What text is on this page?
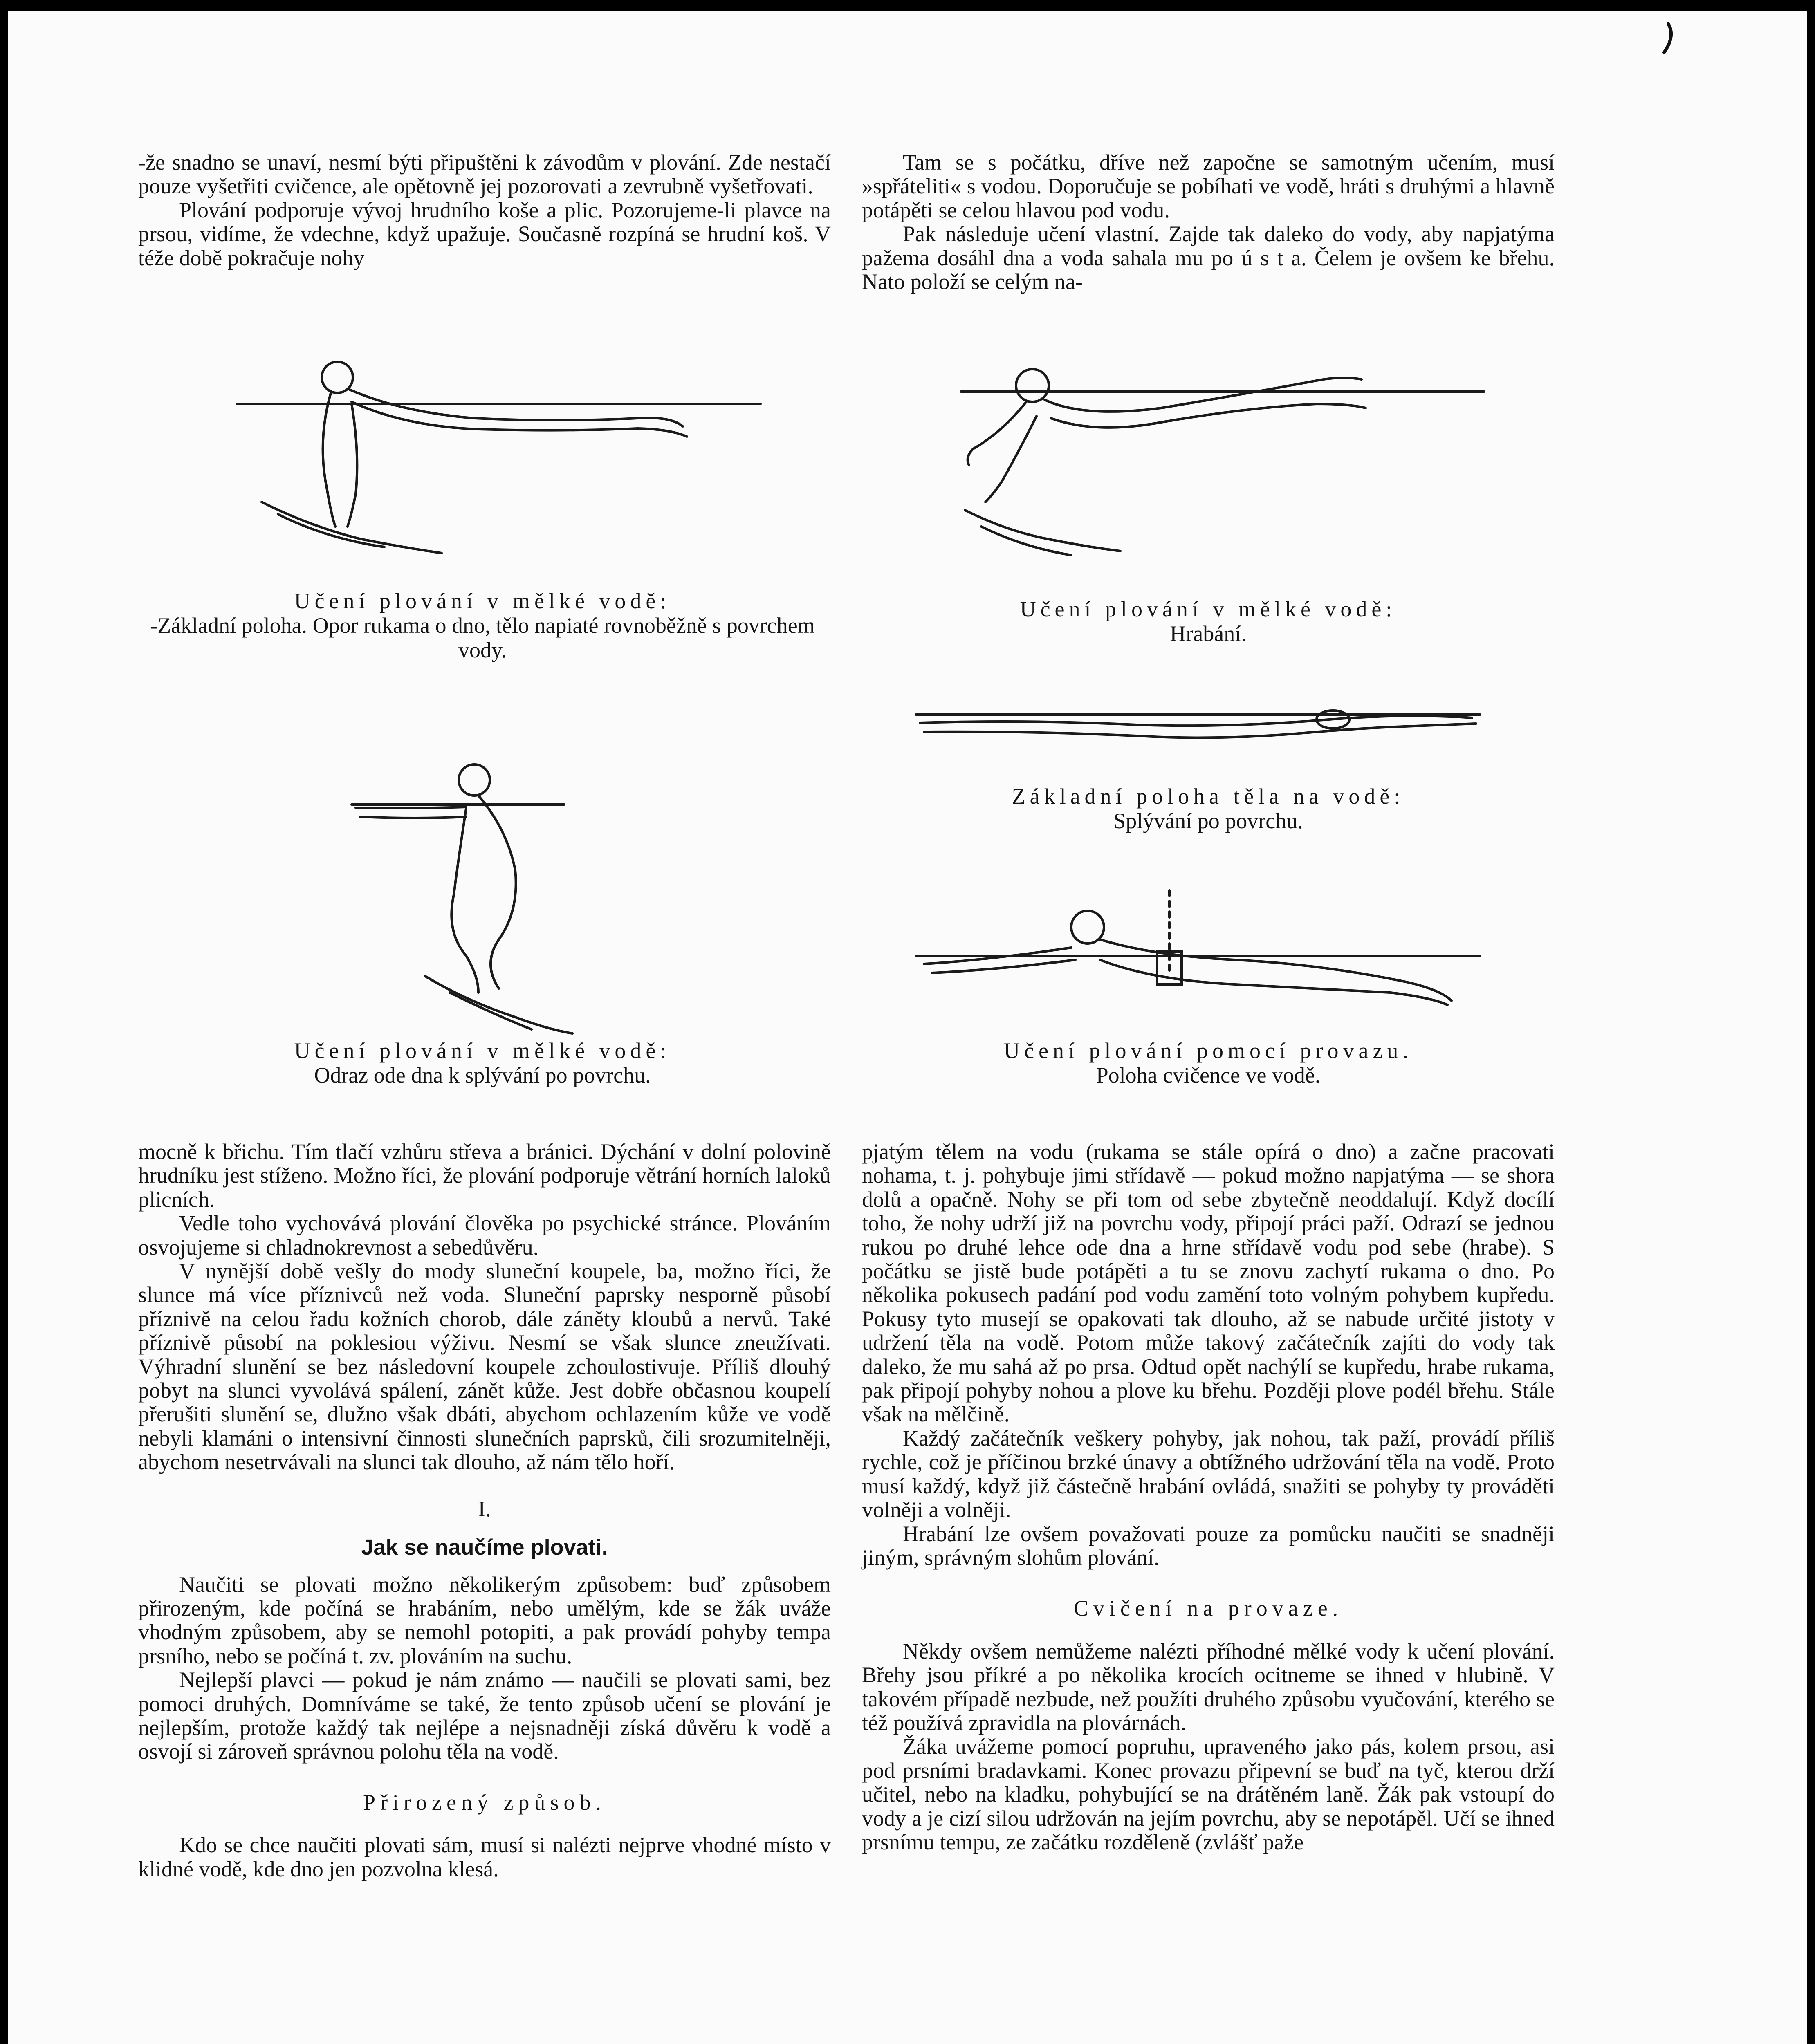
-že snadno se unaví, nesmí býti připuštěni k závodům v plování. Zde nestačí pouze vyšetřiti cvičence, ale opětovně jej pozorovati a zevrubně vyšetřovati.

Plování podporuje vývoj hrudního koše a plic. Pozorujeme-li plavce na prsou, vidíme, že vdechne, když upažuje. Současně rozpíná se hrudní koš. V téže době pokračuje nohy

Tam se s počátku, dříve než započne se samotným učením, musí »spřáteliti« s vodou. Doporučuje se pobíhati ve vodě, hráti s druhými a hlavně potápěti se celou hlavou pod vodu.

Pak následuje učení vlastní. Zajde tak daleko do vody, aby napjatýma pažema dosáhl dna a voda sahala mu po ú s t a. Čelem je ovšem ke břehu. Nato položí se celým na-

Učení plování v mělké vodě:
-Základní poloha. Opor rukama o dno, tělo napiaté rovnoběžně s povrchem vody.
Učení plování v mělké vodě:
Hrabání.
Základní poloha těla na vodě:
Splývání po povrchu.
Učení plování v mělké vodě:
Odraz ode dna k splývání po povrchu.
Učení plování pomocí provazu.
Poloha cvičence ve vodě.

mocně k břichu. Tím tlačí vzhůru střeva a bránici. Dýchání v dolní polovině hrudníku jest stíženo. Možno říci, že plování podporuje větrání horních laloků plicních.

Vedle toho vychovává plování člověka po psychické stránce. Plováním osvojujeme si chladnokrevnost a sebedůvěru.

V nynější době vešly do mody sluneční koupele, ba, možno říci, že slunce má více příznivců než voda. Sluneční paprsky nesporně působí příznivě na celou řadu kožních chorob, dále záněty kloubů a nervů. Také příznivě působí na poklesiou výživu. Nesmí se však slunce zneužívati. Výhradní slunění se bez následovní koupele zchoulostivuje. Příliš dlouhý pobyt na slunci vyvolává spálení, zánět kůže. Jest dobře občasnou koupelí přerušiti slunění se, dlužno však dbáti, abychom ochlazením kůže ve vodě nebyli klamáni o intensivní činnosti slunečních paprsků, čili srozumitelněji, abychom nesetrvávali na slunci tak dlouho, až nám tělo hoří.

I.
Jak se naučíme plovati.

Naučiti se plovati možno několikerým způsobem: buď způsobem přirozeným, kde počíná se hrabáním, nebo umělým, kde se žák uváže vhodným způsobem, aby se nemohl potopiti, a pak provádí pohyby tempa prsního, nebo se počíná t. zv. plováním na suchu.

Nejlepší plavci — pokud je nám známo — naučili se plovati sami, bez pomoci druhých. Domníváme se také, že tento způsob učení se plování je nejlepším, protože každý tak nejlépe a nejsnadněji získá důvěru k vodě a osvojí si zároveň správnou polohu těla na vodě.

Přirozený způsob.

Kdo se chce naučiti plovati sám, musí si nalézti nejprve vhodné místo v klidné vodě, kde dno jen pozvolna klesá.

pjatým tělem na vodu (rukama se stále opírá o dno) a začne pracovati nohama, t. j. pohybuje jimi střídavě — pokud možno napjatýma — se shora dolů a opačně. Nohy se při tom od sebe zbytečně neoddalují. Když docílí toho, že nohy udrží již na povrchu vody, připojí práci paží. Odrazí se jednou rukou po druhé lehce ode dna a hrne střídavě vodu pod sebe (hrabe). S počátku se jistě bude potápěti a tu se znovu zachytí rukama o dno. Po několika pokusech padání pod vodu zamění toto volným pohybem kupředu. Pokusy tyto musejí se opakovati tak dlouho, až se nabude určité jistoty v udržení těla na vodě. Potom může takový začátečník zajíti do vody tak daleko, že mu sahá až po prsa. Odtud opět nachýlí se kupředu, hrabe rukama, pak připojí pohyby nohou a plove ku břehu. Později plove podél břehu. Stále však na mělčině.

Každý začátečník veškery pohyby, jak nohou, tak paží, provádí příliš rychle, což je příčinou brzké únavy a obtížného udržování těla na vodě. Proto musí každý, když již částečně hrabání ovládá, snažiti se pohyby ty prováděti volněji a volněji.

Hrabání lze ovšem považovati pouze za pomůcku naučiti se snadněji jiným, správným slohům plování.

Cvičení na provaze.

Někdy ovšem nemůžeme nalézti příhodné mělké vody k učení plování. Břehy jsou příkré a po několika krocích ocitneme se ihned v hlubině. V takovém případě nezbude, než použíti druhého způsobu vyučování, kterého se též používá zpravidla na plovárnách.

Žáka uvážeme pomocí popruhu, upraveného jako pás, kolem prsou, asi pod prsními bradavkami. Konec provazu připevní se buď na tyč, kterou drží učitel, nebo na kladku, pohybující se na drátěném laně. Žák pak vstoupí do vody a je cizí silou udržován na jejím povrchu, aby se nepotápěl. Učí se ihned prsnímu tempu, ze začátku rozděleně (zvlášť paže
